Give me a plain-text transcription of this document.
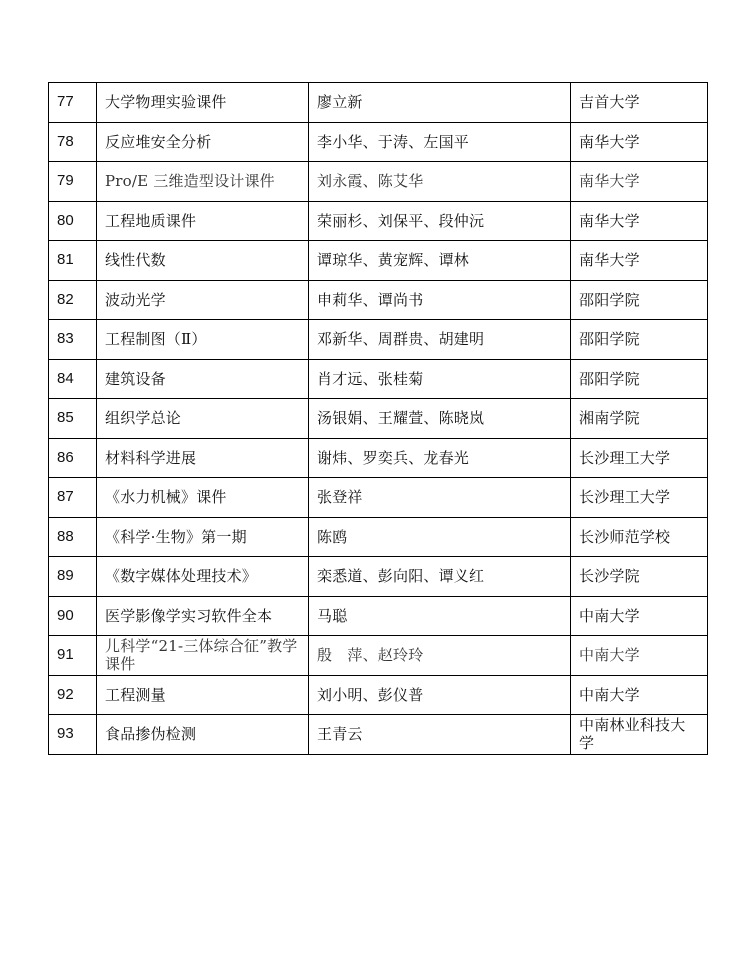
77	大学物理实验课件	廖立新	吉首大学
78	反应堆安全分析	李小华、于涛、左国平	南华大学
79	Pro/E 三维造型设计课件	刘永霞、陈艾华	南华大学
80	工程地质课件	荣丽杉、刘保平、段仲沅	南华大学
81	线性代数	谭琼华、黄宠辉、谭林	南华大学
82	波动光学	申莉华、谭尚书	邵阳学院
83	工程制图（Ⅱ）	邓新华、周群贵、胡建明	邵阳学院
84	建筑设备	肖才远、张桂菊	邵阳学院
85	组织学总论	汤银娟、王耀萱、陈晓岚	湘南学院
86	材料科学进展	谢炜、罗奕兵、龙春光	长沙理工大学
87	《水力机械》课件	张登祥	长沙理工大学
88	《科学·生物》第一期	陈鸥	长沙师范学校
89	《数字媒体处理技术》	栾悉道、彭向阳、谭义红	长沙学院
90	医学影像学实习软件全本	马聪	中南大学
91	儿科学“21-三体综合征”教学课件	殷　萍、赵玲玲	中南大学
92	工程测量	刘小明、彭仪普	中南大学
93	食品掺伪检测	王青云	中南林业科技大学
